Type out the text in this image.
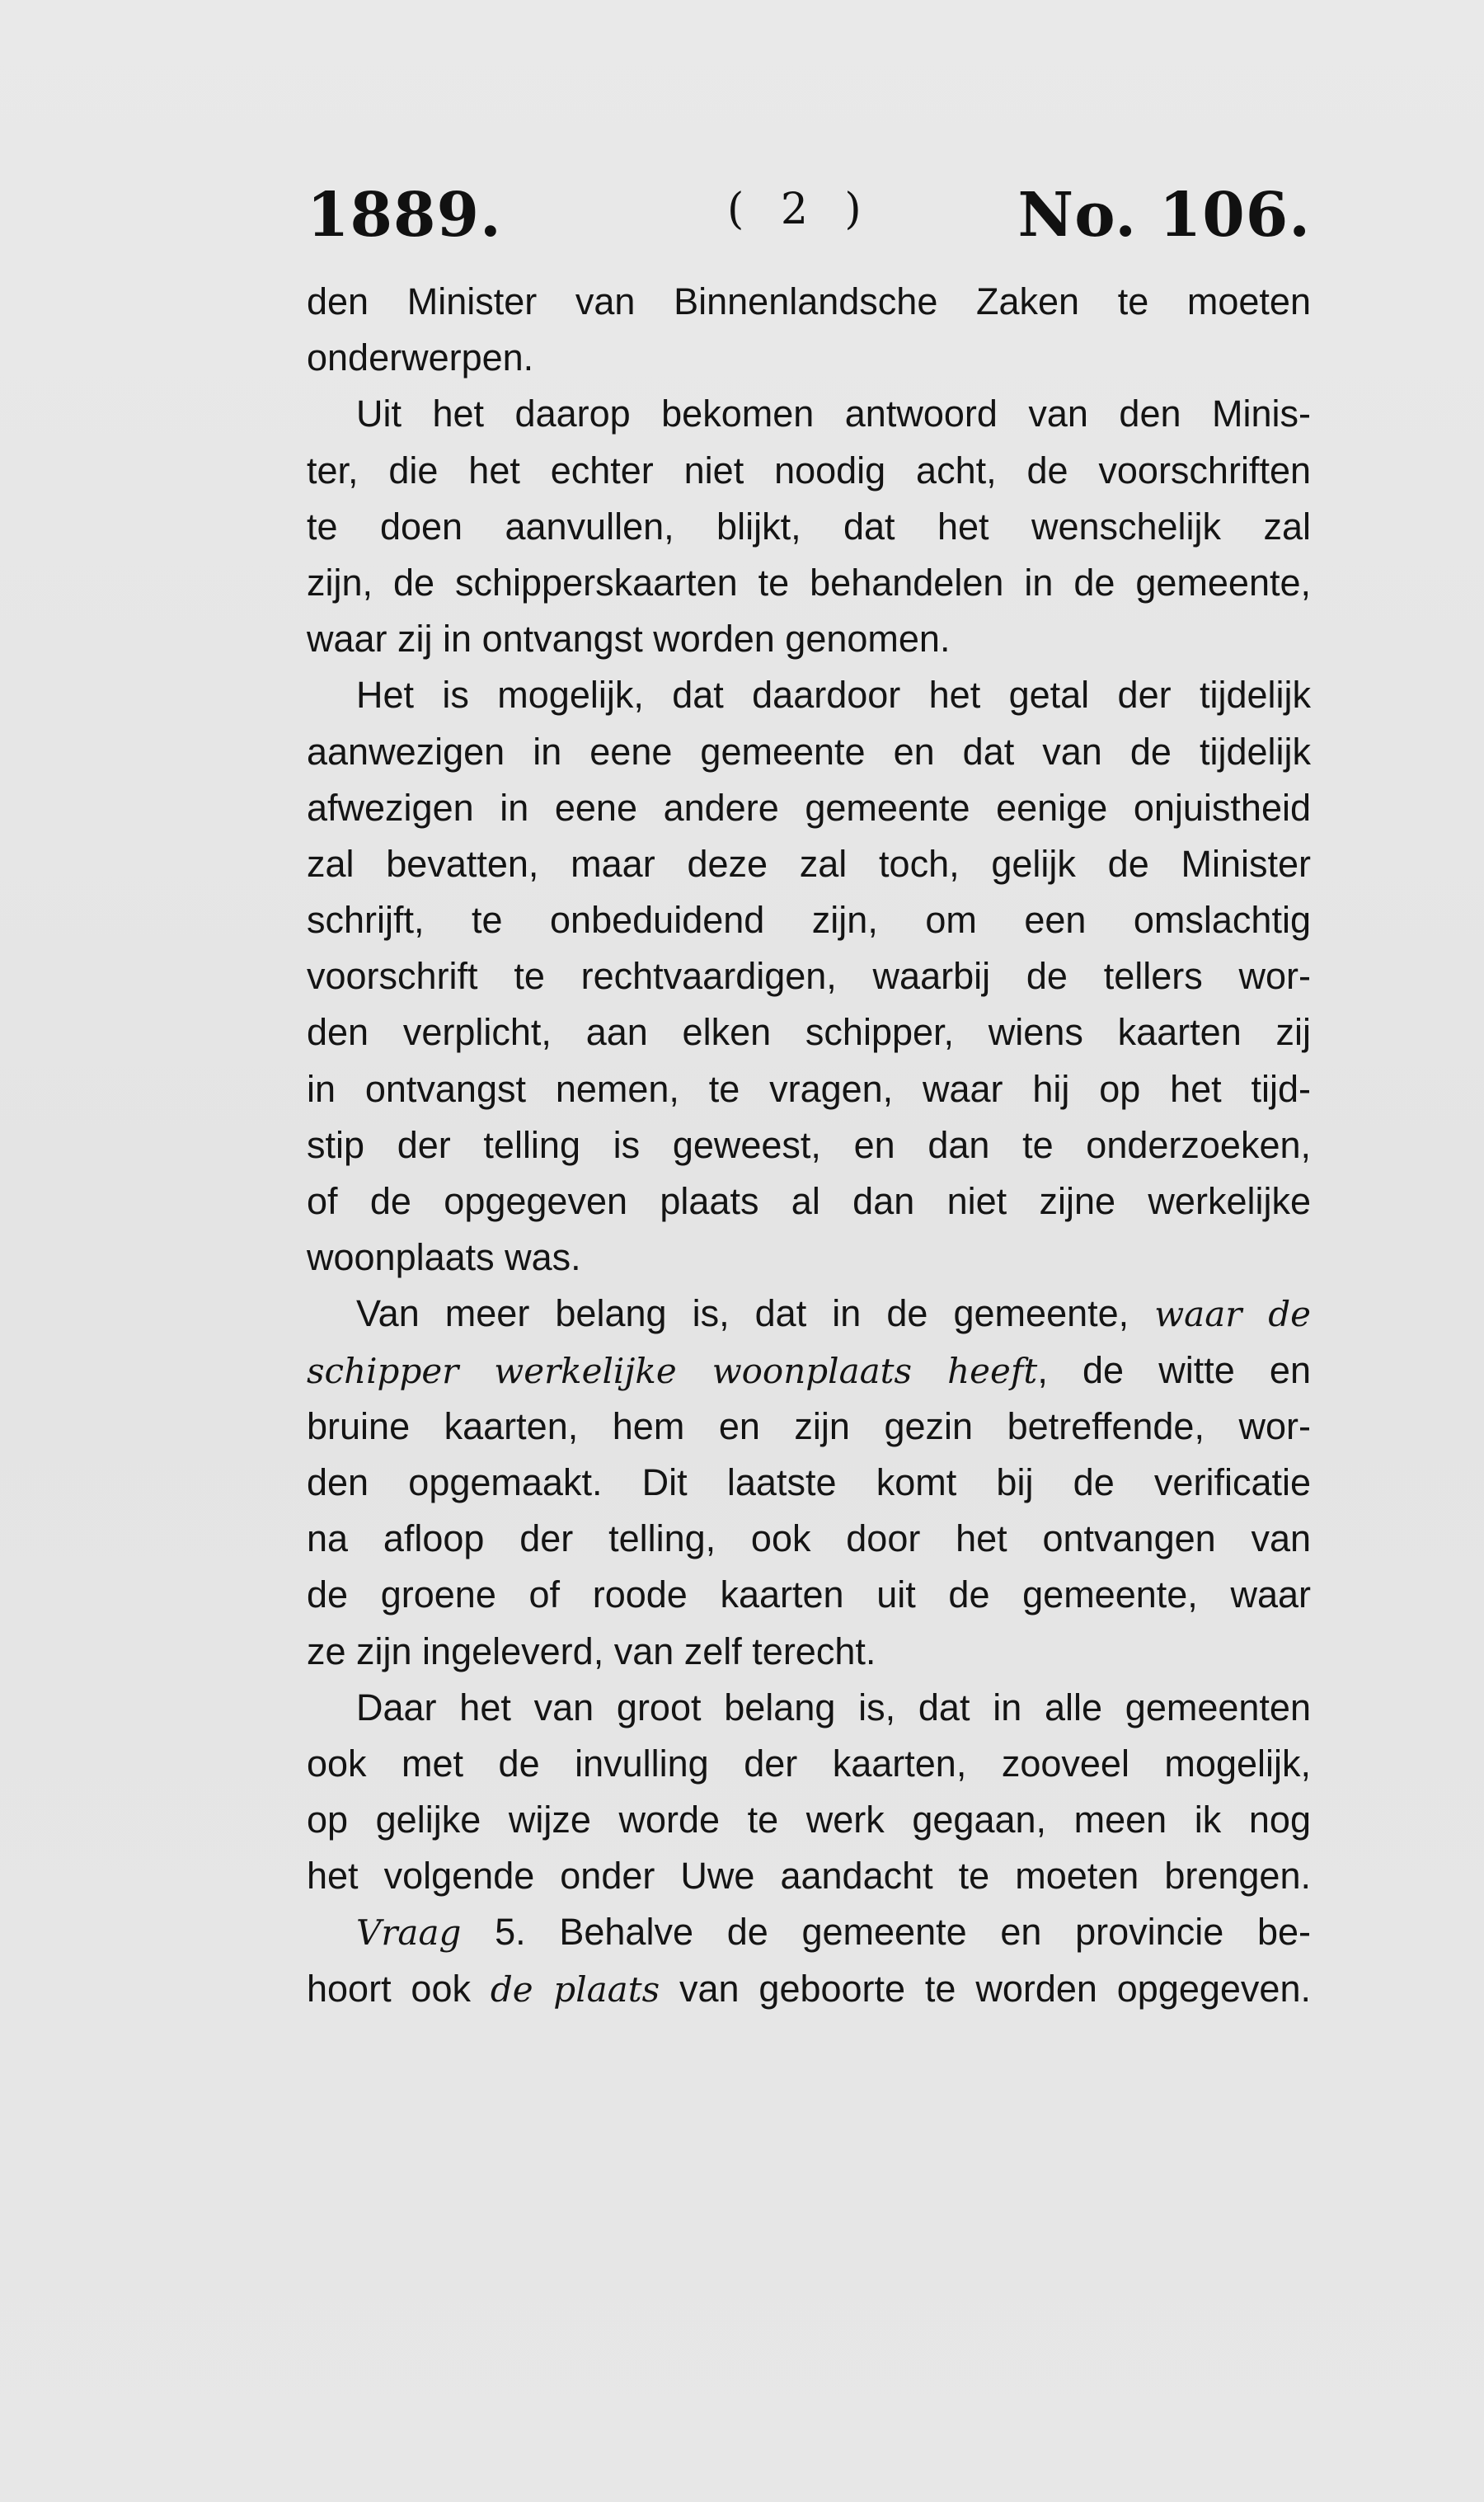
1889.	( 2 ) No. 106.
den Minister van Binnenlandsche Zaken te moeten
onderwerpen.
Uit het daarop bekomen antwoord van den Minis-
ter, die het echter niet noodig acht, de voorschriften
te doen aanvullen, blijkt, dat het wenschelijk zal
zijn, de schipperskaarten te behandelen in de gemeente,
waar zij in ontvangst worden genomen.
Het is mogelijk, dat daardoor het getal der tijdelijk
aanwezigen in eene gemeente en dat van de tijdelijk
afwezigen in eene andere gemeente eenige onjuistheid
zal bevatten, maar deze zal toch, gelijk de Minister
schrijft, te onbeduidend zijn, om een omslachtig
voorschrift te rechtvaardigen, waarbij de tellers wor-
den verplicht, aan elken schipper, wiens kaarten zij
in ontvangst nemen, te vragen, waar hij op het tijd-
stip der telling is geweest, en dan te onderzoeken,
of de opgegeven plaats al dan niet zijne werkelijke
woonplaats was.
Van meer belang is, dat in de gemeente, waar de
schipper werkelijke woonplaats heeft, de witte en
bruine kaarten, hem en zijn gezin betreffende, wor-
den opgemaakt. Dit laatste komt bij de verificatie
na afloop der telling, ook door het ontvangen van
de groene of roode kaarten uit de gemeente, waar
ze zijn ingeleverd, van zelf terecht.
Daar het van groot belang is, dat in alle gemeenten
ook met de invulling der kaarten, zooveel mogelijk,
op gelijke wijze worde te werk gegaan, meen ik nog
het volgende onder Uwe aandacht te moeten brengen.
Vraag 5. Behalve de gemeente en provincie be-
hoort ook de plaats van geboorte te worden opgegeven.
